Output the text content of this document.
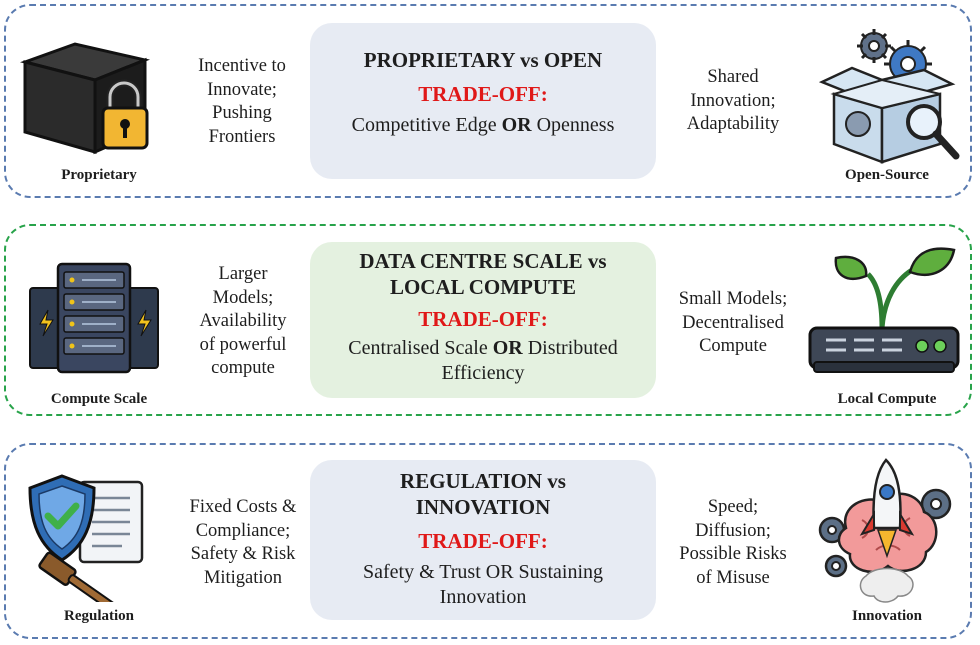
Proprietary
Incentive to
Innovate;
Pushing
Frontiers
PROPRIETARY vs OPEN
TRADE-OFF:
Competitive Edge OR Openness
Shared
Innovation;
Adaptability
Open-Source
Compute Scale
Larger
Models;
Availability
of powerful
compute
DATA CENTRE SCALE vs
LOCAL COMPUTE
TRADE-OFF:
Centralised Scale OR Distributed
Efficiency
Small Models;
Decentralised
Compute
Local Compute
Regulation
Fixed Costs &
Compliance;
Safety & Risk
Mitigation
REGULATION vs
INNOVATION
TRADE-OFF:
Safety & Trust OR Sustaining
Innovation
Speed;
Diffusion;
Possible Risks
of Misuse
Innovation
